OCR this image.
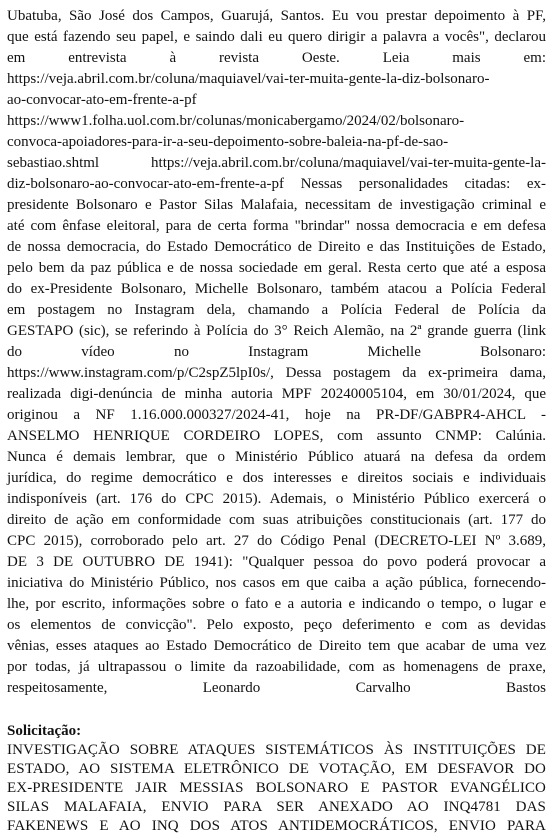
Ubatuba, São José dos Campos, Guarujá, Santos. Eu vou prestar depoimento à PF,
que está fazendo seu papel, e saindo dali eu quero dirigir a palavra a vocês", declarou
em entrevista à revista Oeste. Leia mais em:
https://veja.abril.com.br/coluna/maquiavel/vai-ter-muita-gente-la-diz-bolsonaro-
ao-convocar-ato-em-frente-a-pf
https://www1.folha.uol.com.br/colunas/monicabergamo/2024/02/bolsonaro-
convoca-apoiadores-para-ir-a-seu-depoimento-sobre-baleia-na-pf-de-sao-
sebastiao.shtml https://veja.abril.com.br/coluna/maquiavel/vai-ter-muita-gente-la-
diz-bolsonaro-ao-convocar-ato-em-frente-a-pf Nessas personalidades citadas: ex-
presidente Bolsonaro e Pastor Silas Malafaia, necessitam de investigação criminal e
até com ênfase eleitoral, para de certa forma "brindar" nossa democracia e em defesa
de nossa democracia, do Estado Democrático de Direito e das Instituições de Estado,
pelo bem da paz pública e de nossa sociedade em geral. Resta certo que até a esposa
do ex-Presidente Bolsonaro, Michelle Bolsonaro, também atacou a Polícia Federal
em postagem no Instagram dela, chamando a Polícia Federal de Polícia da
GESTAPO (sic), se referindo à Polícia do 3° Reich Alemão, na 2ª grande guerra (link
do vídeo no Instagram Michelle Bolsonaro:
https://www.instagram.com/p/C2spZ5lpI0s/, Dessa postagem da ex-primeira dama,
realizada digi-denúncia de minha autoria MPF 20240005104, em 30/01/2024, que
originou a NF 1.16.000.000327/2024-41, hoje na PR-DF/GABPR4-AHCL -
ANSELMO HENRIQUE CORDEIRO LOPES, com assunto CNMP: Calúnia.
Nunca é demais lembrar, que o Ministério Público atuará na defesa da ordem
jurídica, do regime democrático e dos interesses e direitos sociais e individuais
indisponíveis (art. 176 do CPC 2015). Ademais, o Ministério Público exercerá o
direito de ação em conformidade com suas atribuições constitucionais (art. 177 do
CPC 2015), corroborado pelo art. 27 do Código Penal (DECRETO-LEI Nº 3.689,
DE 3 DE OUTUBRO DE 1941): "Qualquer pessoa do povo poderá provocar a
iniciativa do Ministério Público, nos casos em que caiba a ação pública, fornecendo-
lhe, por escrito, informações sobre o fato e a autoria e indicando o tempo, o lugar e
os elementos de convicção". Pelo exposto, peço deferimento e com as devidas
vênias, esses ataques ao Estado Democrático de Direito tem que acabar de uma vez
por todas, já ultrapassou o limite da razoabilidade, com as homenagens de praxe,
respeitosamente, Leonardo Carvalho Bastos
Solicitação:
INVESTIGAÇÃO SOBRE ATAQUES SISTEMÁTICOS ÀS INSTITUIÇÕES DE
ESTADO, AO SISTEMA ELETRÔNICO DE VOTAÇÃO, EM DESFAVOR DO
EX-PRESIDENTE JAIR MESSIAS BOLSONARO E PASTOR EVANGÉLICO
SILAS MALAFAIA, ENVIO PARA SER ANEXADO AO INQ4781 DAS
FAKENEWS E AO INQ DOS ATOS ANTIDEMOCRÁTICOS, ENVIO PARA
